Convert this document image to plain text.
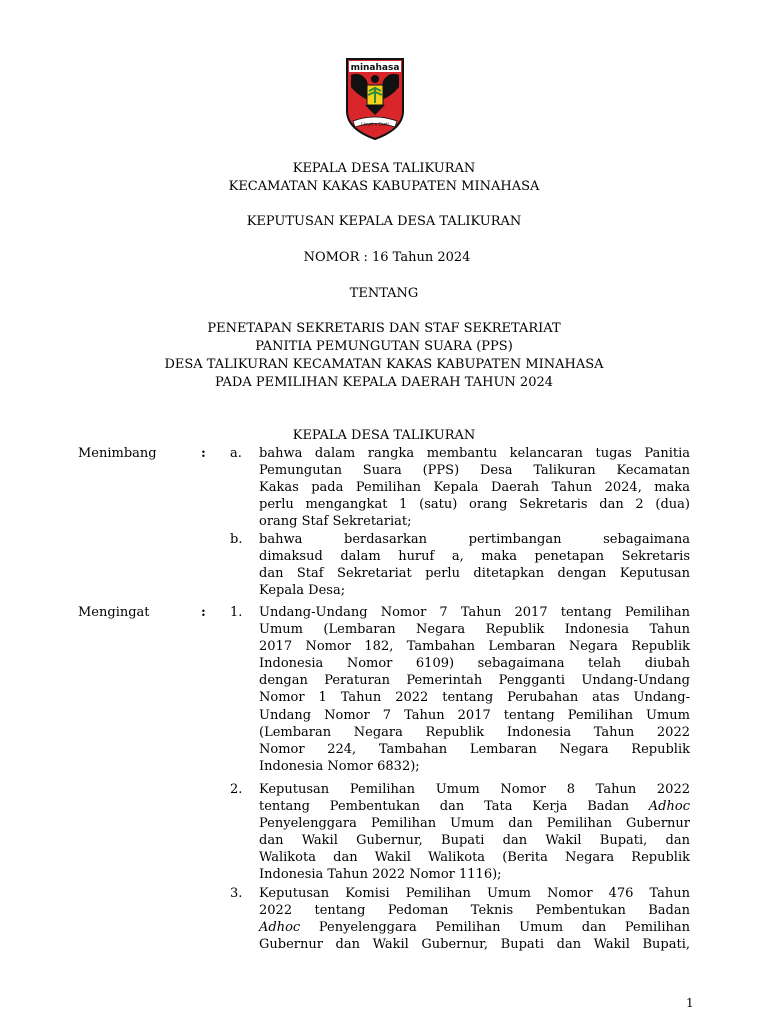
minahasa
I Jayat u Santi
KEPALA DESA TALIKURAN
KECAMATAN KAKAS KABUPATEN MINAHASA
KEPUTUSAN KEPALA DESA TALIKURAN
NOMOR : 16 Tahun 2024
TENTANG
PENETAPAN SEKRETARIS DAN STAF SEKRETARIAT
PANITIA PEMUNGUTAN SUARA (PPS)
DESA TALIKURAN KECAMATAN KAKAS KABUPATEN MINAHASA
PADA PEMILIHAN KEPALA DAERAH TAHUN 2024
KEPALA DESA TALIKURAN
Menimbang	:	a.	bahwa dalam rangka membantu kelancaran tugas Panitia
Pemungutan Suara (PPS) Desa Talikuran Kecamatan
Kakas pada Pemilihan Kepala Daerah Tahun 2024, maka
perlu mengangkat 1 (satu) orang Sekretaris dan 2 (dua)
orang Staf Sekretariat;
b.	bahwa berdasarkan pertimbangan sebagaimana
dimaksud dalam huruf a, maka penetapan Sekretaris
dan Staf Sekretariat perlu ditetapkan dengan Keputusan
Kepala Desa;
Mengingat	:	1.	Undang-Undang Nomor 7 Tahun 2017 tentang Pemilihan
Umum (Lembaran Negara Republik Indonesia Tahun
2017 Nomor 182, Tambahan Lembaran Negara Republik
Indonesia Nomor 6109) sebagaimana telah diubah
dengan Peraturan Pemerintah Pengganti Undang-Undang
Nomor 1 Tahun 2022 tentang Perubahan atas Undang-
Undang Nomor 7 Tahun 2017 tentang Pemilihan Umum
(Lembaran Negara Republik Indonesia Tahun 2022
Nomor 224, Tambahan Lembaran Negara Republik
Indonesia Nomor 6832);
2.	Keputusan Pemilihan Umum Nomor 8 Tahun 2022
tentang Pembentukan dan Tata Kerja Badan Adhoc
Penyelenggara Pemilihan Umum dan Pemilihan Gubernur
dan Wakil Gubernur, Bupati dan Wakil Bupati, dan
Walikota dan Wakil Walikota (Berita Negara Republik
Indonesia Tahun 2022 Nomor 1116);
3.	Keputusan Komisi Pemilihan Umum Nomor 476 Tahun
2022 tentang Pedoman Teknis Pembentukan Badan
Adhoc Penyelenggara Pemilihan Umum dan Pemilihan
Gubernur dan Wakil Gubernur, Bupati dan Wakil Bupati,
1
